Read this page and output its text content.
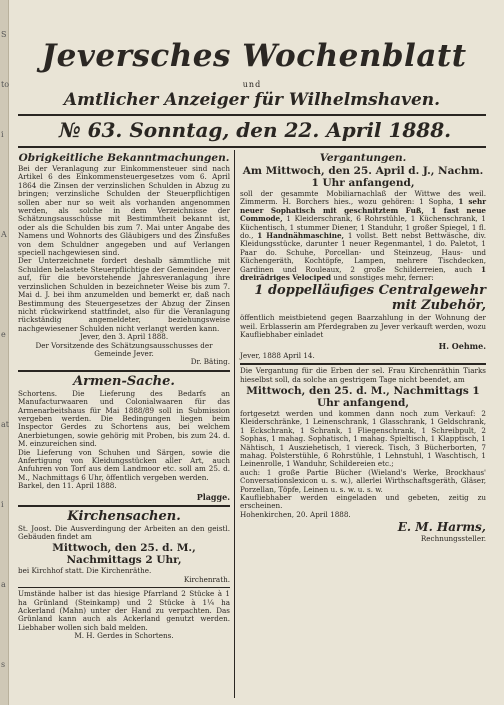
S
to
i
A
e
at
i
a
s
Jeversches Wochenblatt
und
Amtlicher Anzeiger für Wilhelmshaven.
№ 63. Sonntag, den 22. April 1888.

Obrigkeitliche Bekanntmachungen.

Bei der Veranlagung zur Einkommensteuer sind nach Artikel 6 des Einkommensteuergesetzes vom 6. April 1864 die Zinsen der verzinslichen Schulden in Abzug zu bringen; verzinsliche Schulden der Steuerpflichtigen sollen aber nur so weit als vorhanden angenommen werden, als solche in dem Verzeichnisse der Schätzungsausschüsse mit Bestimmtheit bekannt ist, oder als die Schulden bis zum 7. Mai unter Angabe des Namens und Wohnorts des Gläubigers und des Zinsfußes von dem Schuldner angegeben und auf Verlangen speciell nachgewiesen sind.

Der Unterzeichnete fordert deshalb sämmtliche mit Schulden belastete Steuerpflichtige der Gemeinden Jever auf, für die bevorstehende Jahresveranlagung ihre verzinslichen Schulden in bezeichneter Weise bis zum 7. Mai d. J. bei ihm anzumelden und bemerkt er, daß nach Bestimmung des Steuergesetzes der Abzug der Zinsen nicht rückwirkend stattfindet, also für die Veranlagung rückständig angemeldeter, beziehungsweise nachgewiesener Schulden nicht verlangt werden kann.

Jever, den 3. April 1888.

Der Vorsitzende des Schätzungsausschusses der Gemeinde Jever.

Dr. Bäting.

Armen-Sache.

Schortens. Die Lieferung des Bedarfs an Manufacturwaaren und Colonialwaaren für das Armenarbeitshaus für Mai 1888/89 soll in Submission vergeben werden. Die Bedingungen liegen beim Inspector Gerdes zu Schortens aus, bei welchem Anerbietungen, sowie gehörig mit Proben, bis zum 24. d. M. einzureichen sind.

Die Lieferung von Schuhen und Särgen, sowie die Anfertigung von Kleidungsstücken aller Art, auch Anfuhren von Torf aus dem Landmoor etc. soll am 25. d. M., Nachmittags 6 Uhr, öffentlich vergeben werden.

Barkel, den 11. April 1888.

Plagge.

Kirchensachen.

St. Joost. Die Ausverdingung der Arbeiten an den geistl. Gebäuden findet am

Mittwoch, den 25. d. M., Nachmittags 2 Uhr,

bei Kirchhof statt. Die Kirchenräthe.

Kirchenrath.

Umstände halber ist das hiesige Pfarrland 2 Stücke à 1 ha Grünland (Steinkamp) und 2 Stücke à 1¼ ha Ackerland (Mahn) unter der Hand zu verpachten. Das Grünland kann auch als Ackerland genutzt werden. Liebhaber wollen sich bald melden.

M. H. Gerdes in Schortens.

Vergantungen.

Am Mittwoch, den 25. April d. J., Nachm. 1 Uhr anfangend,

soll der gesammte Mobiliarnachlaß der Wittwe des weil. Zimmerm. H. Borchers hies., wozu gehören: 1 Sopha, 1 sehr neuer Sophatisch mit geschnitztem Fuß, 1 fast neue Commode, 1 Kleiderschrank, 6 Rohrstühle, 1 Küchenschrank, 1 Küchentisch, 1 stummer Diener, 1 Standuhr, 1 großer Spiegel, 1 fl. do., 1 Handnähmaschine, 1 vollst. Bett nebst Bettwäsche, div. Kleidungsstücke, darunter 1 neuer Regenmantel, 1 do. Paletot, 1 Paar do. Schuhe, Porcellan- und Steinzeug, Haus- und Küchengeräth, Kochtöpfe, Lampen, mehrere Tischdecken, Gardinen und Rouleaux, 2 große Schilderreien, auch 1 dreirädriges Velociped und sonstiges mehr, ferner:

1 doppelläufiges Centralgewehr mit Zubehör,

öffentlich meistbietend gegen Baarzahlung in der Wohnung der weil. Erblasserin am Pferdegraben zu Jever verkauft werden, wozu Kaufliebhaber einladet

H. Oehme.

Jever, 1888 April 14.

Die Vergantung für die Erben der sel. Frau Kirchenräthin Tiarks hieselbst soll, da solche an gestrigem Tage nicht beendet, am

Mittwoch, den 25. d. M., Nachmittags 1 Uhr anfangend,

fortgesetzt werden und kommen dann noch zum Verkauf: 2 Kleiderschränke, 1 Leinenschrank, 1 Glasschrank, 1 Geldschrank, 1 Eckschrank, 1 Schrank, 1 Fliegenschrank, 1 Schreibpult, 2 Sophas, 1 mahag. Sophatisch, 1 mahag. Spieltisch, 1 Klapptisch, 1 Nähtisch, 1 Ausziehetisch, 1 viereck. Tisch, 3 Bücherborten, 7 mahag. Polsterstühle, 6 Rohrstühle, 1 Lehnstuhl, 1 Waschtisch, 1 Leinenrolle, 1 Wanduhr, Schildereien etc.;

auch: 1 große Partie Bücher (Wieland's Werke, Brockhaus' Conversationslexicon u. s. w.), allerlei Wirthschaftsgeräth, Gläser, Porzellan, Töpfe, Leinen u. s. w. u. s. w.

Kaufliebhaber werden eingeladen und gebeten, zeitig zu erscheinen.

Hohenkirchen, 20. April 1888.

E. M. Harms,

Rechnungssteller.
